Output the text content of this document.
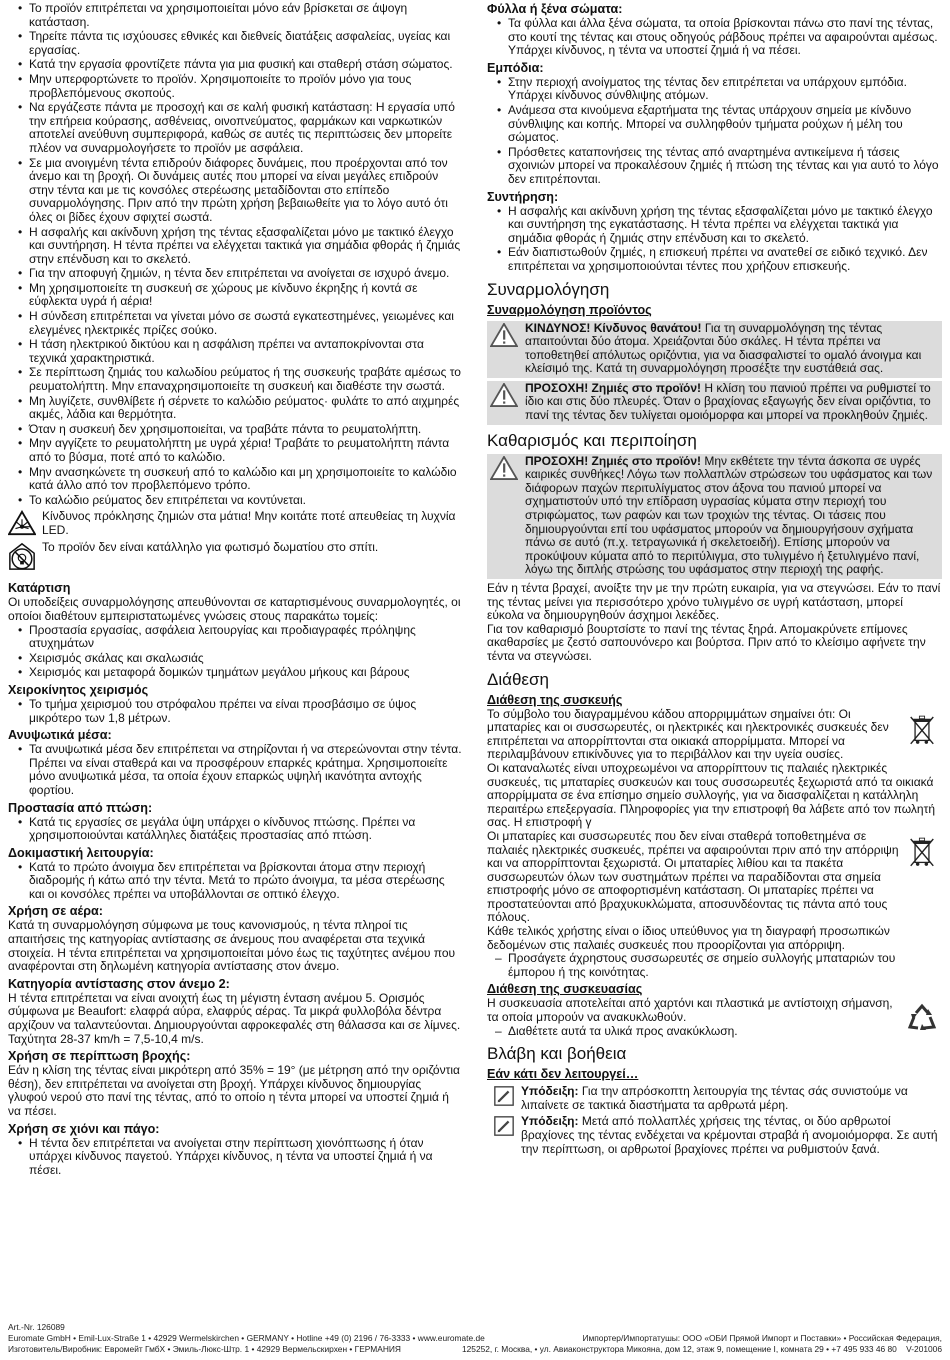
• Το προϊόν επιτρέπεται να χρησιμοποιείται μόνο εάν βρίσκεται σε άψογη κατάσταση.
• Τηρείτε πάντα τις ισχύουσες εθνικές και διεθνείς διατάξεις ασφαλείας, υγείας και εργασίας.
• Κατά την εργασία φροντίζετε πάντα για μια φυσική και σταθερή στάση σώματος.
• Μην υπερφορτώνετε το προϊόν. Χρησιμοποιείτε το προϊόν μόνο για τους προβλεπόμενους σκοπούς.
• Να εργάζεστε πάντα με προσοχή και σε καλή φυσική κατάσταση: Η εργασία υπό την επήρεια κούρασης, ασθένειας, οινοπνεύματος, φαρμάκων και ναρκωτικών αποτελεί ανεύθυνη συμπεριφορά, καθώς σε αυτές τις περιπτώσεις δεν μπορείτε πλέον να συναρμολογήσετε το προϊόν με ασφάλεια.
• Σε μια ανοιγμένη τέντα επιδρούν διάφορες δυνάμεις, που προέρχονται από τον άνεμο και τη βροχή. Οι δυνάμεις αυτές που μπορεί να είναι μεγάλες επιδρούν στην τέντα και με τις κονσόλες στερέωσης μεταδίδονται στο επίπεδο συναρμολόγησης. Πριν από την πρώτη χρήση βεβαιωθείτε για το λόγο αυτό ότι όλες οι βίδες έχουν σφιχτεί σωστά.
• Η ασφαλής και ακίνδυνη χρήση της τέντας εξασφαλίζεται μόνο με τακτικό έλεγχο και συντήρηση. Η τέντα πρέπει να ελέγχεται τακτικά για σημάδια φθοράς ή ζημιάς στην επένδυση και το σκελετό.
• Για την αποφυγή ζημιών, η τέντα δεν επιτρέπεται να ανοίγεται σε ισχυρό άνεμο.
• Μη χρησιμοποιείτε τη συσκευή σε χώρους με κίνδυνο έκρηξης ή κοντά σε εύφλεκτα υγρά ή αέρια!
• Η σύνδεση επιτρέπεται να γίνεται μόνο σε σωστά εγκατεστημένες, γειωμένες και ελεγμένες ηλεκτρικές πρίζες σούκο.
• Η τάση ηλεκτρικού δικτύου και η ασφάλιση πρέπει να ανταποκρίνονται στα τεχνικά χαρακτηριστικά.
• Σε περίπτωση ζημιάς του καλωδίου ρεύματος ή της συσκευής τραβάτε αμέσως το ρευματολήπτη. Μην επαναχρησιμοποιείτε τη συσκευή και διαθέστε την σωστά.
• Μη λυγίζετε, συνθλίβετε ή σέρνετε το καλώδιο ρεύματος· φυλάτε το από αιχμηρές ακμές, λάδια και θερμότητα.
• Όταν η συσκευή δεν χρησιμοποιείται, να τραβάτε πάντα το ρευματολήπτη.
• Μην αγγίζετε το ρευματολήπτη με υγρά χέρια! Τραβάτε το ρευματολήπτη πάντα από το βύσμα, ποτέ από το καλώδιο.
• Μην ανασηκώνετε τη συσκευή από το καλώδιο και μη χρησιμοποιείτε το καλώδιο κατά άλλο από τον προβλεπόμενο τρόπο.
• Το καλώδιο ρεύματος δεν επιτρέπεται να κοντύνεται.
Κίνδυνος πρόκλησης ζημιών στα μάτια! Μην κοιτάτε ποτέ απευθείας τη λυχνία LED.
Το προϊόν δεν είναι κατάλληλο για φωτισμό δωματίου στο σπίτι.

Κατάρτιση

Οι υποδείξεις συναρμολόγησης απευθύνονται σε καταρτισμένους συναρμολογητές, οι οποίοι διαθέτουν εμπειριστατωμένες γνώσεις στους παρακάτω τομείς:

• Προστασία εργασίας, ασφάλεια λειτουργίας και προδιαγραφές πρόληψης ατυχημάτων
• Χειρισμός σκάλας και σκαλωσιάς
• Χειρισμός και μεταφορά δομικών τμημάτων μεγάλου μήκους και βάρους

Χειροκίνητος χειρισμός

• Το τμήμα χειρισμού του στρόφαλου πρέπει να είναι προσβάσιμο σε ύψος μικρότερο των 1,8 μέτρων.

Ανυψωτικά μέσα:

• Τα ανυψωτικά μέσα δεν επιτρέπεται να στηρίζονται ή να στερεώνονται στην τέντα. Πρέπει να είναι σταθερά και να προσφέρουν επαρκές κράτημα. Χρησιμοποιείτε μόνο ανυψωτικά μέσα, τα οποία έχουν επαρκώς υψηλή ικανότητα αντοχής φορτίου.

Προστασία από πτώση:

• Κατά τις εργασίες σε μεγάλα ύψη υπάρχει ο κίνδυνος πτώσης. Πρέπει να χρησιμοποιούνται κατάλληλες διατάξεις προστασίας από πτώση.

Δοκιμαστική λειτουργία:

• Κατά το πρώτο άνοιγμα δεν επιτρέπεται να βρίσκονται άτομα στην περιοχή διαδρομής ή κάτω από την τέντα. Μετά το πρώτο άνοιγμα, τα μέσα στερέωσης και οι κονσόλες πρέπει να υποβάλλονται σε οπτικό έλεγχο.

Χρήση σε αέρα:

Κατά τη συναρμολόγηση σύμφωνα με τους κανονισμούς, η τέντα πληροί τις απαιτήσεις της κατηγορίας αντίστασης σε άνεμους που αναφέρεται στα τεχνικά στοιχεία. Η τέντα επιτρέπεται να χρησιμοποιείται μόνο έως τις ταχύτητες ανέμου που αναφέρονται στη δηλωμένη κατηγορία αντίστασης στον άνεμο.

Κατηγορία αντίστασης στον άνεμο 2:

Η τέντα επιτρέπεται να είναι ανοιχτή έως τη μέγιστη ένταση ανέμου 5. Ορισμός σύμφωνα με Beaufort: ελαφρά αύρα, ελαφρύς αέρας. Τα μικρά φυλλοβόλα δέντρα αρχίζουν να ταλαντεύονται. Δημιουργούνται αφροκεφαλές στη θάλασσα και σε λίμνες. Ταχύτητα 28-37 km/h = 7,5-10,4 m/s.

Χρήση σε περίπτωση βροχής:

Εάν η κλίση της τέντας είναι μικρότερη από 35% = 19° (με μέτρηση από την οριζόντια θέση), δεν επιτρέπεται να ανοίγεται στη βροχή. Υπάρχει κίνδυνος δημιουργίας γλυφού νερού στο πανί της τέντας, από το οποίο η τέντα μπορεί να υποστεί ζημιά ή να πέσει.

Χρήση σε χιόνι και πάγο:

• Η τέντα δεν επιτρέπεται να ανοίγεται στην περίπτωση χιονόπτωσης ή όταν υπάρχει κίνδυνος παγετού. Υπάρχει κίνδυνος, η τέντα να υποστεί ζημιά ή να πέσει.

Φύλλα ή ξένα σώματα:

• Τα φύλλα και άλλα ξένα σώματα, τα οποία βρίσκονται πάνω στο πανί της τέντας, στο κουτί της τέντας και στους οδηγούς ράβδους πρέπει να αφαιρούνται αμέσως. Υπάρχει κίνδυνος, η τέντα να υποστεί ζημιά ή να πέσει.

Εμπόδια:

• Στην περιοχή ανοίγματος της τέντας δεν επιτρέπεται να υπάρχουν εμπόδια. Υπάρχει κίνδυνος σύνθλιψης ατόμων.
• Ανάμεσα στα κινούμενα εξαρτήματα της τέντας υπάρχουν σημεία με κίνδυνο σύνθλιψης και κοπής. Μπορεί να συλληφθούν τμήματα ρούχων ή μέλη του σώματος.
• Πρόσθετες καταπονήσεις της τέντας από αναρτημένα αντικείμενα ή τάσεις σχοινιών μπορεί να προκαλέσουν ζημιές ή πτώση της τέντας και για αυτό το λόγο δεν επιτρέπονται.

Συντήρηση:

• Η ασφαλής και ακίνδυνη χρήση της τέντας εξασφαλίζεται μόνο με τακτικό έλεγχο και συντήρηση της εγκατάστασης. Η τέντα πρέπει να ελέγχεται τακτικά για σημάδια φθοράς ή ζημιάς στην επένδυση και το σκελετό.
• Εάν διαπιστωθούν ζημιές, η επισκευή πρέπει να ανατεθεί σε ειδικό τεχνικό. Δεν επιτρέπεται να χρησιμοποιούνται τέντες που χρήζουν επισκευής.
Συναρμολόγηση

Συναρμολόγηση προϊόντος

ΚΙΝΔΥΝΟΣ! Κίνδυνος θανάτου! Για τη συναρμολόγηση της τέντας απαιτούνται δύο άτομα. Χρειάζονται δύο σκάλες. Η τέντα πρέπει να τοποθετηθεί απόλυτως οριζόντια, για να διασφαλιστεί το ομαλό άνοιγμα και κλείσιμό της. Κατά τη συναρμολόγηση προσέξτε την ευστάθειά σας.
ΠΡΟΣΟΧΗ! Ζημιές στο προϊόν! Η κλίση του πανιού πρέπει να ρυθμιστεί το ίδιο και στις δύο πλευρές. Όταν ο βραχίονας εξαγωγής δεν είναι οριζόντια, το πανί της τέντας δεν τυλίγεται ομοιόμορφα και μπορεί να προκληθούν ζημιές.
Καθαρισμός και περιποίηση
ΠΡΟΣΟΧΗ! Ζημιές στο προϊόν! Μην εκθέτετε την τέντα άσκοπα σε υγρές καιρικές συνθήκες! Λόγω των πολλαπλών στρώσεων του υφάσματος και των διάφορων παχών περιτυλίγματος στον άξονα του πανιού μπορεί να σχηματιστούν υπό την επίδραση υγρασίας κύματα στην περιοχή του στριφώματος, των ραφών και των τροχιών της τέντας. Οι τάσεις που δημιουργούνται επί του υφάσματος μπορούν να δημιουργήσουν σχήματα πάνω σε αυτό (π.χ. τετραγωνικά ή σκελετοειδή). Επίσης μπορούν να προκύψουν κύματα από το περιτύλιγμα, στο τυλιγμένο ή ξετυλιγμένο πανί, λόγω της διπλής στρώσης του υφάσματος στην περιοχή της ραφής.

Εάν η τέντα βραχεί, ανοίξτε την με την πρώτη ευκαιρία, για να στεγνώσει. Εάν το πανί της τέντας μείνει για περισσότερο χρόνο τυλιγμένο σε υγρή κατάσταση, μπορεί εύκολα να δημιουργηθούν άσχημοι λεκέδες.

Για τον καθαρισμό βουρτσίστε το πανί της τέντας ξηρά. Απομακρύνετε επίμονες ακαθαρσίες με ζεστό σαπουνόνερο και βούρτσα. Πριν από το κλείσιμο αφήνετε την τέντα να στεγνώσει.

Διάθεση

Διάθεση της συσκευής

Το σύμβολο του διαγραμμένου κάδου απορριμμάτων σημαίνει ότι: Οι μπαταρίες και οι συσσωρευτές, οι ηλεκτρικές και ηλεκτρονικές συσκευές δεν επιτρέπεται να απορρίπτονται στα οικιακά απορρίμματα. Μπορεί να περιλαμβάνουν επικίνδυνες για το περιβάλλον και την υγεία ουσίες.

Οι καταναλωτές είναι υποχρεωμένοι να απορρίπτουν τις παλαιές ηλεκτρικές συσκευές, τις μπαταρίες συσκευών και τους συσσωρευτές ξεχωριστά από τα οικιακά απορρίμματα σε ένα επίσημο σημείο συλλογής, για να διασφαλίζεται η κατάλληλη περαιτέρω επεξεργασία. Πληροφορίες για την επιστροφή θα λάβετε από τον πωλητή σας. Η επιστροφή γ

Οι μπαταρίες και συσσωρευτές που δεν είναι σταθερά τοποθετημένα σε παλαιές ηλεκτρικές συσκευές, πρέπει να αφαιρούνται πριν από την απόρριψη και να απορρίπτονται ξεχωριστά. Οι μπαταρίες λιθίου και τα πακέτα συσσωρευτών όλων των συστημάτων πρέπει να παραδίδονται στα σημεία επιστροφής μόνο σε αποφορτισμένη κατάσταση. Οι μπαταρίες πρέπει να προστατεύονται από βραχυκυκλώματα, αποσυνδέοντας τις πάντα από τους πόλους.

Κάθε τελικός χρήστης είναι ο ίδιος υπεύθυνος για τη διαγραφή προσωπικών δεδομένων στις παλαιές συσκευές που προορίζονται για απόρριψη.

– Προσάγετε άχρηστους συσσωρευτές σε σημείο συλλογής μπαταριών του έμπορου ή της κοινότητας.

Διάθεση της συσκευασίας

Η συσκευασία αποτελείται από χαρτόνι και πλαστικά με αντίστοιχη σήμανση, τα οποία μπορούν να ανακυκλωθούν.

– Διαθέτετε αυτά τα υλικά προς ανακύκλωση.
Βλάβη και βοήθεια

Εάν κάτι δεν λειτουργεί…

Υπόδειξη: Για την απρόσκοπτη λειτουργία της τέντας σάς συνιστούμε να λιπαίνετε σε τακτικά διαστήματα τα αρθρωτά μέρη.
Υπόδειξη: Μετά από πολλαπλές χρήσεις της τέντας, οι δύο αρθρωτοί βραχίονες της τέντας ενδέχεται να κρέμονται στραβά ή ανομοιόμορφα. Σε αυτή την περίπτωση, οι αρθρωτοί βραχίονες πρέπει να ρυθμιστούν ξανά.
Art.-Nr. 126089
Euromate GmbH • Emil-Lux-Straße 1 • 42929 Wermelskirchen • GERMANY • Hotline +49 (0) 2196 / 76-3333 • www.euromate.de	Импортер/Импортатушы: ООО «ОБИ Прямой Импорт и Поставки» • Российская Федерация,
Изготовитель/Виробник: Евромейт ГмбХ • Эмиль-Люкс-Штр. 1 • 42929 Вермельскирхен • ГЕРМАНИЯ	125252, г. Москва, • ул. Авиаконструктора Микояна, дом 12, этаж 9, помещение I, комната 29 • +7 495 933 46 80 V-201006
